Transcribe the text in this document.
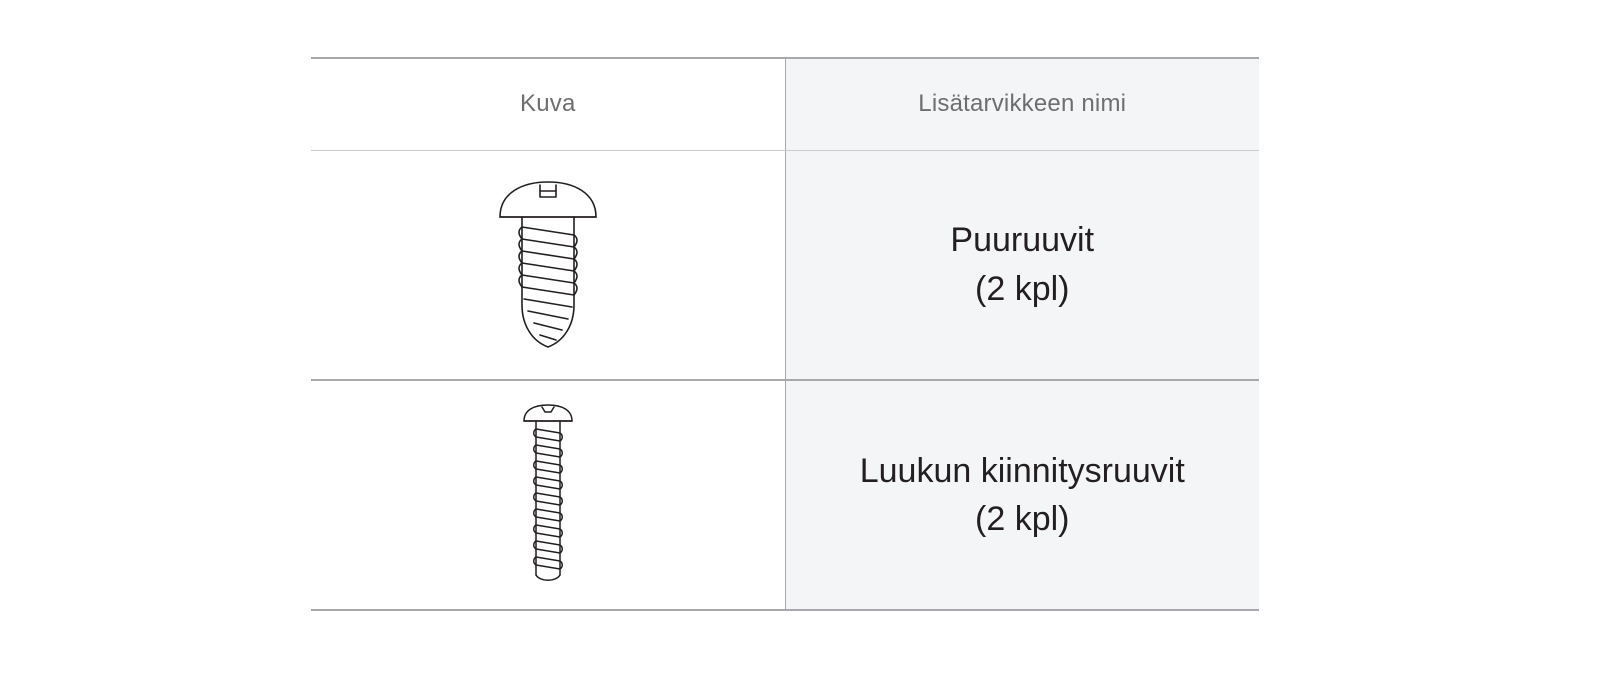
Kuva	Lisätarvikkeen nimi

Puuruuvit
(2 kpl)

Luukun kiinnitysruuvit
(2 kpl)
